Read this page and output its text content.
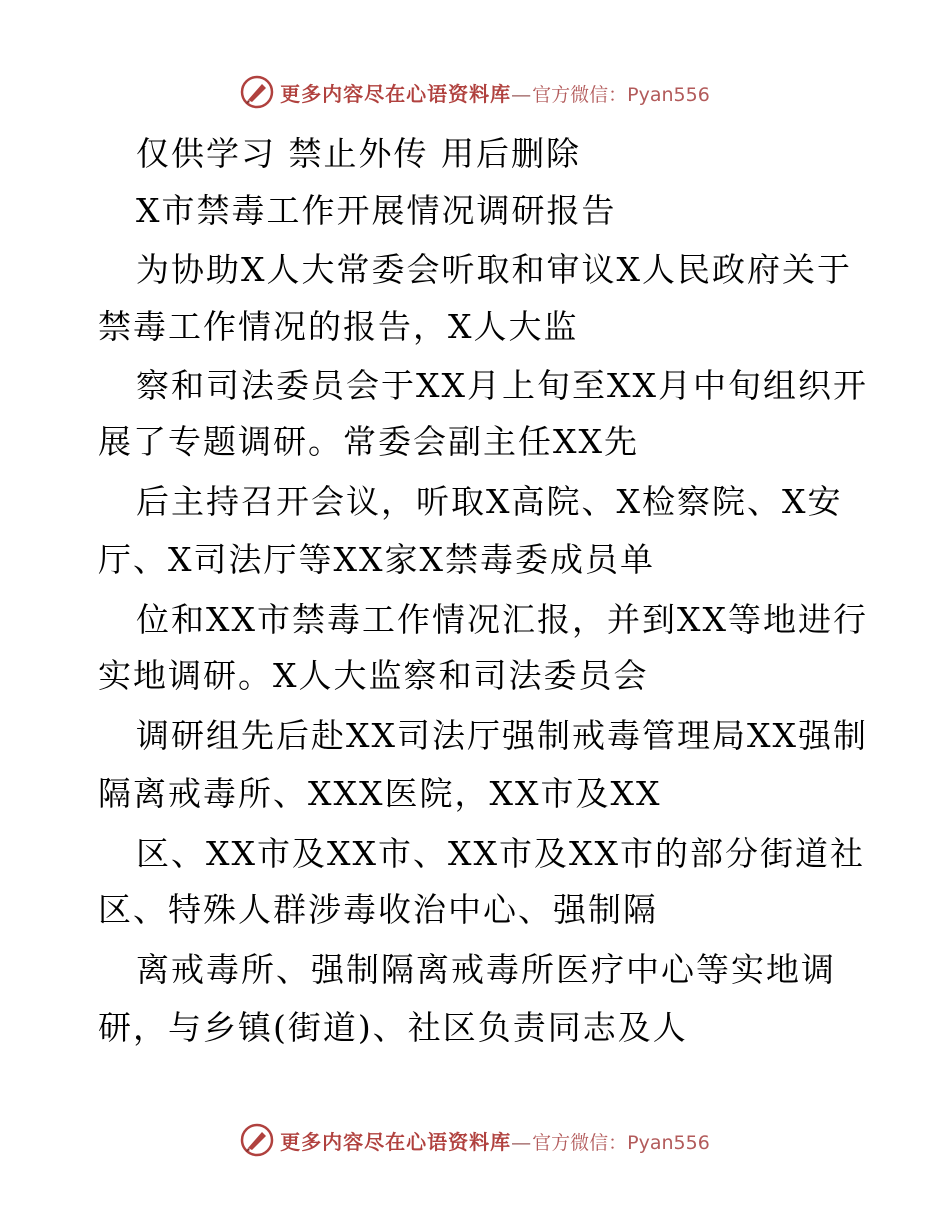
更多内容尽在心语资料库—官方微信：Pyan556
仅供学习 禁止外传 用后删除
X市禁毒工作开展情况调研报告
为协助X人大常委会听取和审议X人民政府关于
禁毒工作情况的报告，X人大监
察和司法委员会于XX月上旬至XX月中旬组织开
展了专题调研。常委会副主任XX先
后主持召开会议，听取X高院、X检察院、X安
厅、X司法厅等XX家X禁毒委成员单
位和XX市禁毒工作情况汇报，并到XX等地进行
实地调研。X人大监察和司法委员会
调研组先后赴XX司法厅强制戒毒管理局XX强制
隔离戒毒所、XXX医院，XX市及XX
区、XX市及XX市、XX市及XX市的部分街道社
区、特殊人群涉毒收治中心、强制隔
离戒毒所、强制隔离戒毒所医疗中心等实地调
研，与乡镇(街道)、社区负责同志及人
更多内容尽在心语资料库—官方微信：Pyan556
